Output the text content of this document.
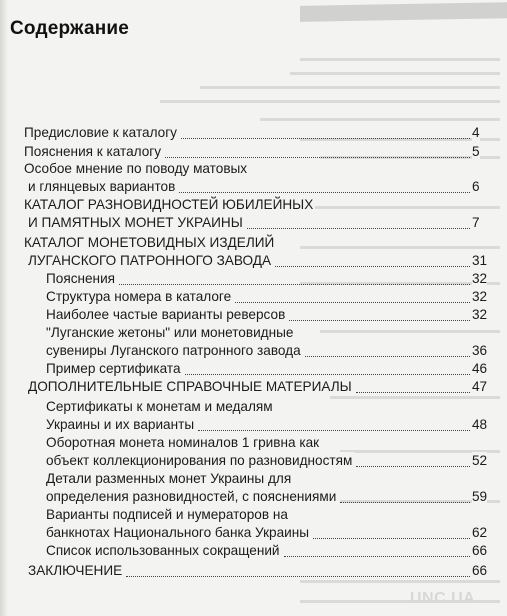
Содержание
Предисловие к каталогу	4
Пояснения к каталогу	5
Особое мнение по поводу матовых
и глянцевых вариантов	6
КАТАЛОГ РАЗНОВИДНОСТЕЙ ЮБИЛЕЙНЫХ
И ПАМЯТНЫХ МОНЕТ УКРАИНЫ	7
КАТАЛОГ МОНЕТОВИДНЫХ ИЗДЕЛИЙ
ЛУГАНСКОГО ПАТРОННОГО ЗАВОДА	31
Пояснения	32
Структура номера в каталоге	32
Наиболее частые варианты реверсов	32
"Луганские жетоны" или монетовидные
сувениры Луганского патронного завода	36
Пример сертификата	46
ДОПОЛНИТЕЛЬНЫЕ СПРАВОЧНЫЕ МАТЕРИАЛЫ	47
Сертификаты к монетам и медалям
Украины и их варианты	48
Оборотная монета номиналов 1 гривна как
объект коллекционирования по разновидностям	52
Детали разменных монет Украины для
определения разновидностей, с пояснениями	59
Варианты подписей и нумераторов на
банкнотах Национального банка Украины	62
Список использованных сокращений	66
ЗАКЛЮЧЕНИЕ	66
UNC.UA
